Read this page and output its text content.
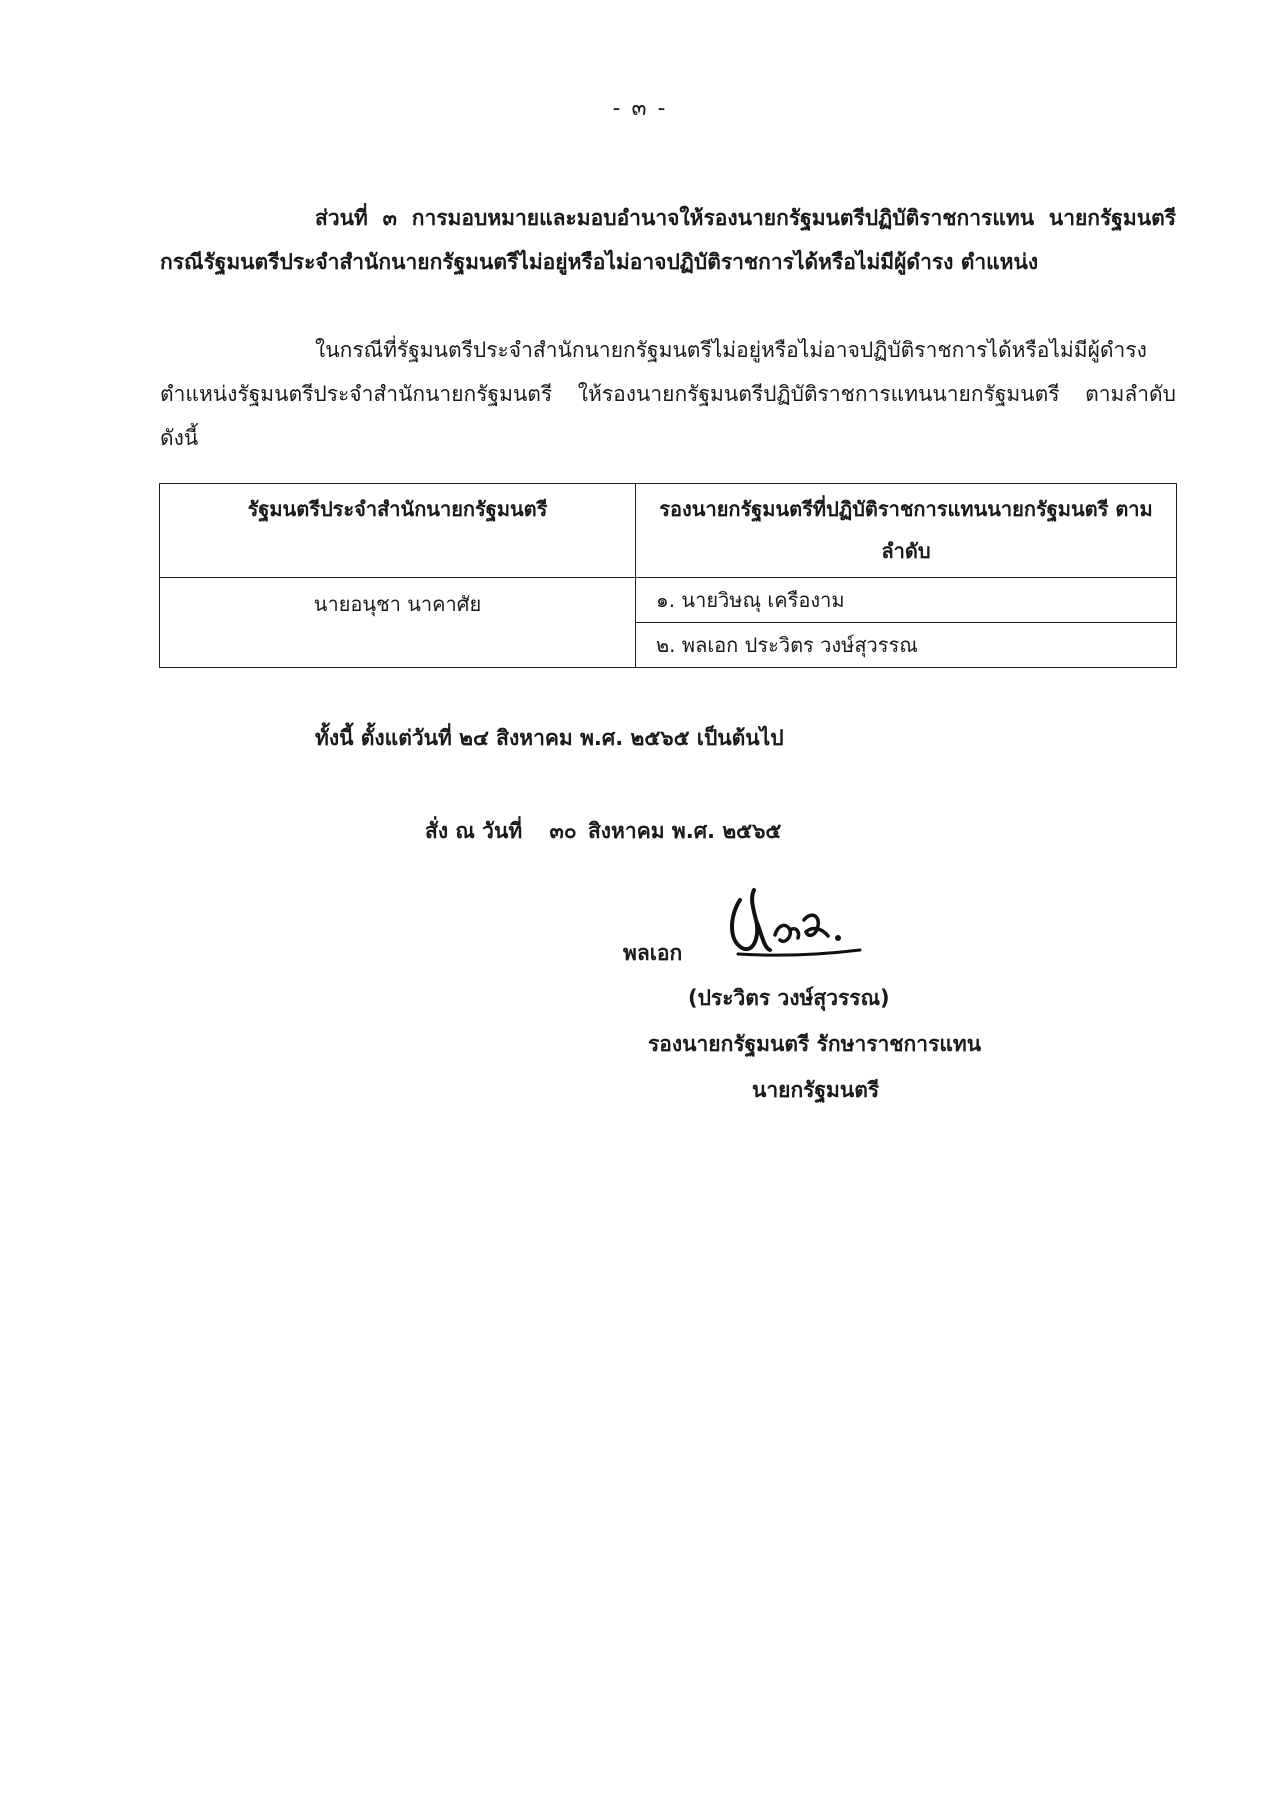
- ๓ -
ส่วนที่ ๓ การมอบหมายและมอบอำนาจให้รองนายกรัฐมนตรีปฏิบัติราชการแทน นายกรัฐมนตรี กรณีรัฐมนตรีประจำสำนักนายกรัฐมนตรีไม่อยู่หรือไม่อาจปฏิบัติราชการได้หรือไม่มีผู้ดำรง ตำแหน่ง
ในกรณีที่รัฐมนตรีประจำสำนักนายกรัฐมนตรีไม่อยู่หรือไม่อาจปฏิบัติราชการได้หรือไม่มีผู้ดำรง ตำแหน่งรัฐมนตรีประจำสำนักนายกรัฐมนตรี ให้รองนายกรัฐมนตรีปฏิบัติราชการแทนนายกรัฐมนตรี ตามลำดับ ดังนี้
รัฐมนตรีประจำสำนักนายกรัฐมนตรี	รองนายกรัฐมนตรีที่ปฏิบัติราชการแทนนายกรัฐมนตรี ตามลำดับ
นายอนุชา นาคาศัย	๑. นายวิษณุ เครืองาม
	๒. พลเอก ประวิตร วงษ์สุวรรณ
ทั้งนี้ ตั้งแต่วันที่ ๒๔ สิงหาคม พ.ศ. ๒๕๖๕ เป็นต้นไป
สั่ง ณ วันที่ ๓๐ สิงหาคม พ.ศ. ๒๕๖๕
พลเอก
(ประวิตร วงษ์สุวรรณ)
รองนายกรัฐมนตรี รักษาราชการแทน
นายกรัฐมนตรี
